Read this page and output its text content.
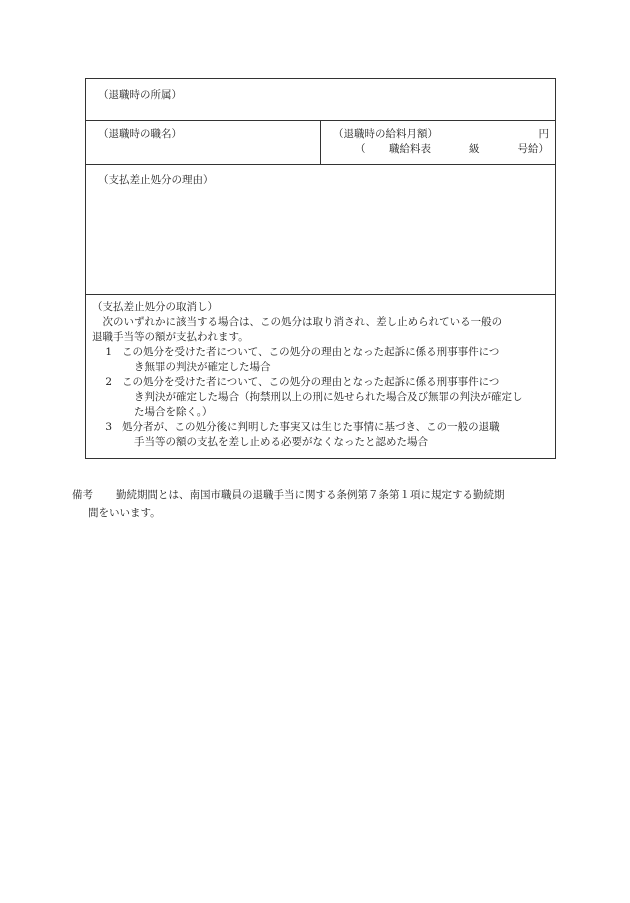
（退職時の所属）

（退職時の職名）	（退職時の給料月額）	円
（ 職給料表	級	号給）

（支払差止処分の理由）

（支払差止処分の取消し）
次のいずれかに該当する場合は、この処分は取り消され、差し止められている一般の
退職手当等の額が支払われます。
1 この処分を受けた者について、この処分の理由となった起訴に係る刑事事件につ
き無罪の判決が確定した場合
2 この処分を受けた者について、この処分の理由となった起訴に係る刑事事件につ
き判決が確定した場合（拘禁刑以上の刑に処せられた場合及び無罪の判決が確定し
た場合を除く。）
3 処分者が、この処分後に判明した事実又は生じた事情に基づき、この一般の退職
手当等の額の支払を差し止める必要がなくなったと認めた場合
備考 勤続期間とは、南国市職員の退職手当に関する条例第７条第１項に規定する勤続期
間をいいます。
